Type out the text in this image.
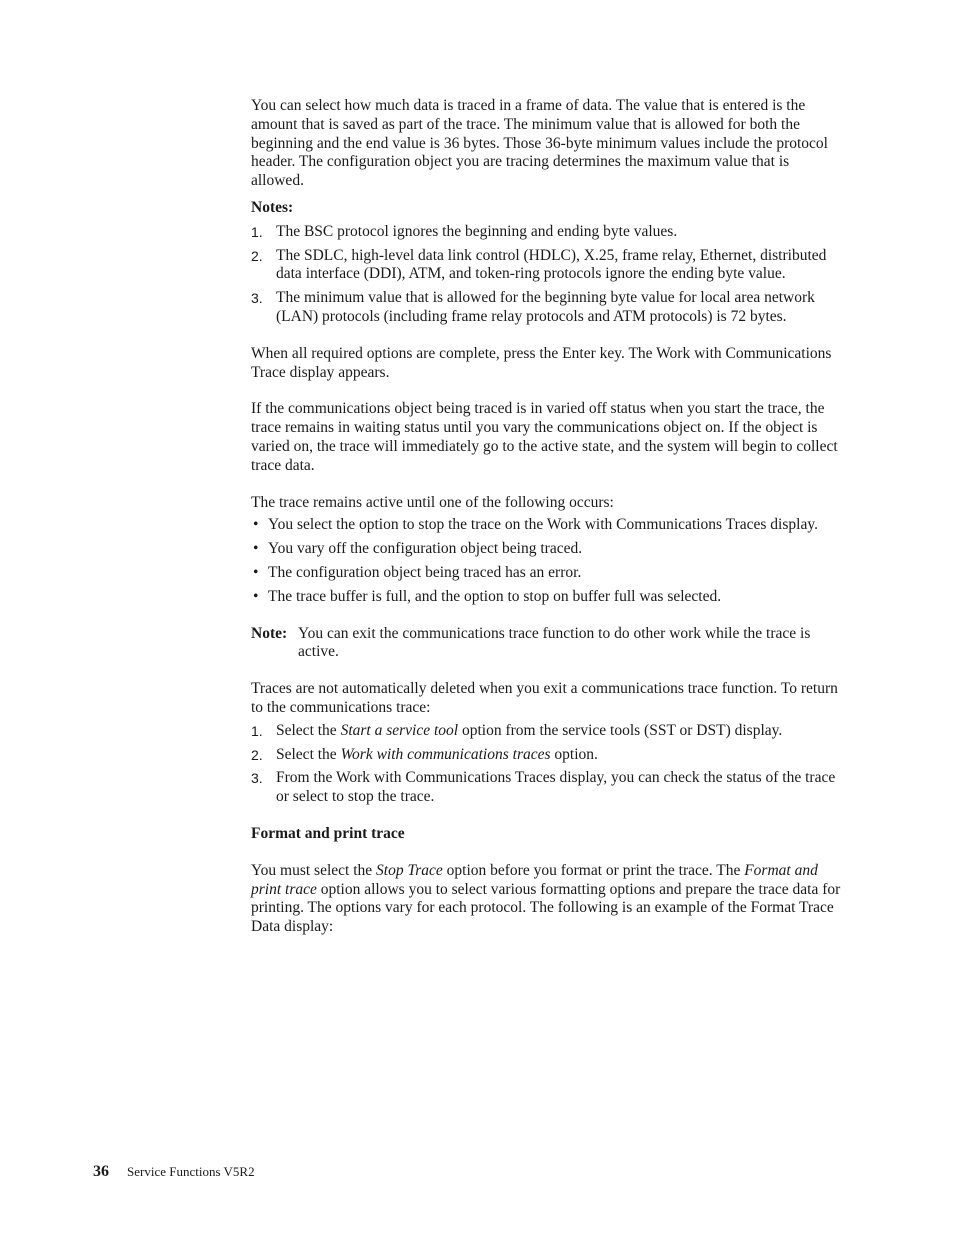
You can select how much data is traced in a frame of data. The value that is entered is the amount that is saved as part of the trace. The minimum value that is allowed for both the beginning and the end value is 36 bytes. Those 36-byte minimum values include the protocol header. The configuration object you are tracing determines the maximum value that is allowed.

Notes:

1. The BSC protocol ignores the beginning and ending byte values.
2. The SDLC, high-level data link control (HDLC), X.25, frame relay, Ethernet, distributed data interface (DDI), ATM, and token-ring protocols ignore the ending byte value.
3. The minimum value that is allowed for the beginning byte value for local area network (LAN) protocols (including frame relay protocols and ATM protocols) is 72 bytes.

When all required options are complete, press the Enter key. The Work with Communications Trace display appears.

If the communications object being traced is in varied off status when you start the trace, the trace remains in waiting status until you vary the communications object on. If the object is varied on, the trace will immediately go to the active state, and the system will begin to collect trace data.

The trace remains active until one of the following occurs:

• You select the option to stop the trace on the Work with Communications Traces display.
• You vary off the configuration object being traced.
• The configuration object being traced has an error.
• The trace buffer is full, and the option to stop on buffer full was selected.
Note: You can exit the communications trace function to do other work while the trace is active.

Traces are not automatically deleted when you exit a communications trace function. To return to the communications trace:

1. Select the Start a service tool option from the service tools (SST or DST) display.
2. Select the Work with communications traces option.
3. From the Work with Communications Traces display, you can check the status of the trace or select to stop the trace.

Format and print trace

You must select the Stop Trace option before you format or print the trace. The Format and print trace option allows you to select various formatting options and prepare the trace data for printing. The options vary for each protocol. The following is an example of the Format Trace Data display:

36 Service Functions V5R2
